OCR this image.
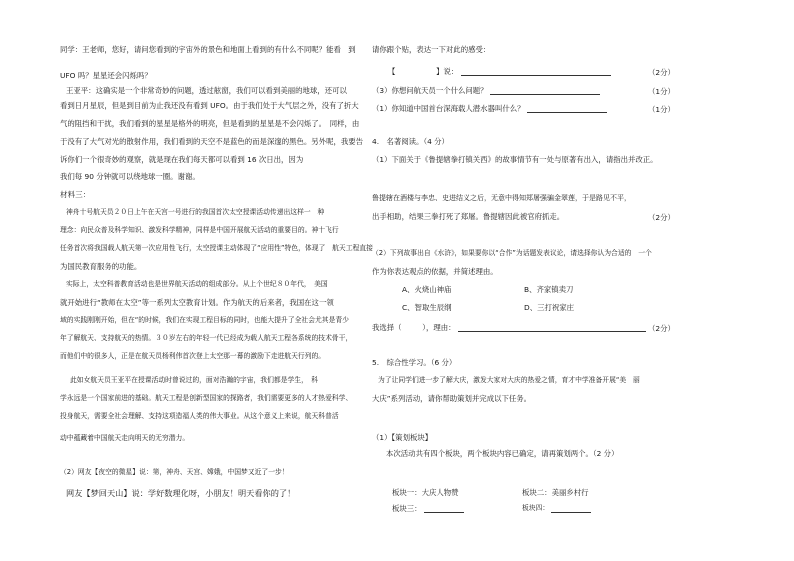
同学：王老师，您好，请问您看到的宇宙外的景色和地面上看到的有什么不同呢？能看　到
UFO 吗？星星还会闪烁吗？
王亚平：这确实是一个非常奇妙的问题，透过舷窗，我们可以看到美丽的地球，还可以
看到日月星辰，但是到目前为止我还没有看到 UFO。由于我们处于大气层之外，没有了折大
气的阻挡和干扰，我们看到的星星是格外的明亮，但是看到的星星是不会闪烁了。　同样，由
于没有了大气对光的散射作用，我们看到的天空不是蓝色的而是深邃的黑色。另外呢，我要告
诉你们一个很奇妙的观察，就是现在我们每天都可以看到 16 次日出，因为
我们每 90 分钟就可以绕地球一圈。谢谢。
材料三：
神舟十号航天员２０日上午在天宫一号进行的我国首次太空授课活动传递出这样一　种
理念：向民众普及科学知识、激发科学精神，同样是中国开展航天活动的重要目的。神十飞行
任务首次将我国载人航天第一次应用性飞行，太空授课主动体现了“应用性”特色，体现了　航天工程直接
为国民教育服务的功能。
实际上，太空科普教育活动也是世界航天活动的组成部分。从上个世纪８０年代，　美国
就开始进行“教师在太空”等一系列太空教育计划。作为航天的后来者，我国在这一领
域的实践刚刚开始，但在“的时候，我们在实现工程目标的同时，也能大提升了全社会尤其是青少
年了解航天、支持航天的热情。３０岁左右的年轻一代已经成为载人航天工程各系统的技术骨干，
而他们中的很多人，正是在航天员杨利伟首次登上太空那一幕的激励下走进航天行列的。
此如女航天员王亚平在授课活动时曾说过的，面对浩瀚的宇宙，我们都是学生，　科
学永远是一个国家前进的基础。航天工程是创新型国家的探路者，我们需要更多的人才热爱科学、
投身航天，需要全社会理解、支持这项造福人类的伟大事业。从这个意义上来说，航天科普活
动中蕴藏着中国航天走向明天的无穷潜力。
（2）网友【夜空的微星】说：第，神舟、天宫、嫦娥，中国梦又近了一步！
网友【梦回天山】说：学好数理化呀，小朋友！明天看你的了！
请你跟个贴，表达一下对此的感受：
【	】说：	（2分）
（3）你想问航天员一个什么问题？	（1分）
（1）你知道中国首台深海载人潜水器叫什么？	（1分）
4.　名著阅读。（4 分）
（1）下面关于《鲁提辖拳打镇关西》的故事情节有一处与原著有出入，请指出并改正。
鲁提辖在酒楼与李忠、史进结义之后，无意中得知郑屠强骗金翠莲，于是路见不平，
出手相助，结果三拳打死了郑屠。鲁提辖因此被官府抓走。	（2分）
（2）下列故事出自《水浒》，如果要你以“合作”为话题发表议论，请选择你认为合适的　一个
作为你表达观点的依据，并简述理由。
A、火烧山神庙	B、齐家镇卖刀
C、智取生辰纲	D、三打祝家庄
我选择（	），理由：	（2分）
5.　综合性学习。（6 分）
为了让同学们进一步了解大庆，激发大家对大庆的热爱之情，育才中学准备开展“美　丽
大庆”系列活动，请你帮助策划并完成以下任务。
（1）【策划板块】
本次活动共有四个板块，两个板块内容已确定，请再策划两个。（2 分）
板块一：大庆人物赞	板块二：美丽乡村行
板块三：	板块四：
